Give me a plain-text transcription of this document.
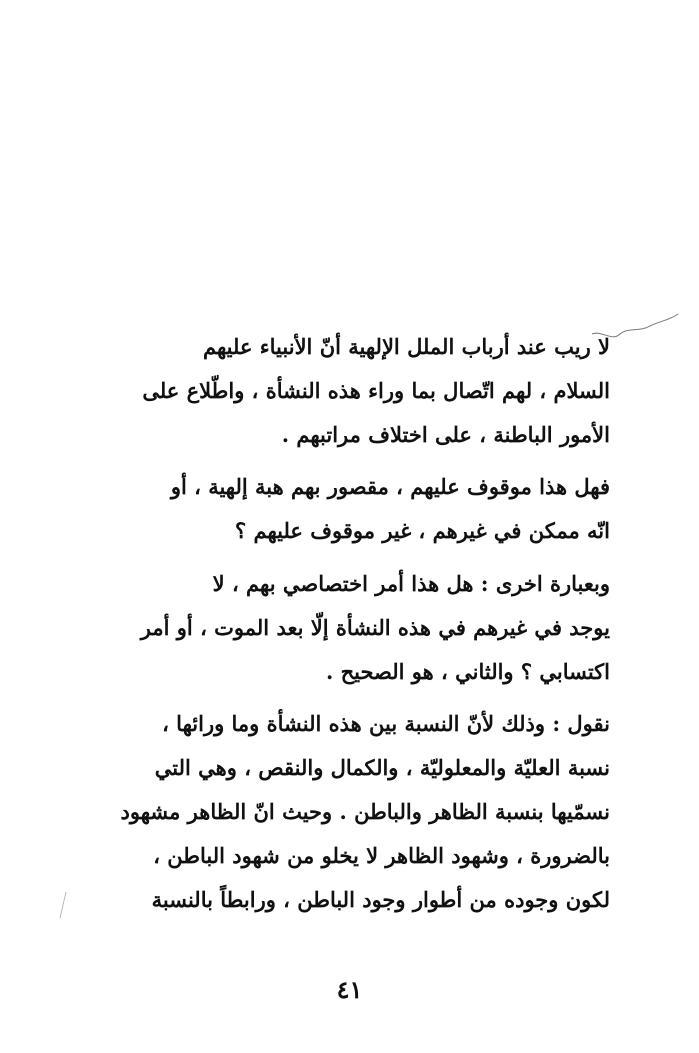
لا ريب عند أرباب الملل الإلهية أنّ الأنبياء عليهم
السلام ، لهم اتّصال بما وراء هذه النشأة ، واطّلاع على
الأمور الباطنة ، على اختلاف مراتبهم .
فهل هذا موقوف عليهم ، مقصور بهم هبة إلهية ، أو
انّه ممكن في غيرهم ، غير موقوف عليهم ؟
وبعبارة اخرى : هل هذا أمر اختصاصي بهم ، لا
يوجد في غيرهم في هذه النشأة إلّا بعد الموت ، أو أمر
اكتسابي ؟ والثاني ، هو الصحيح .
نقول : وذلك لأنّ النسبة بين هذه النشأة وما ورائها ،
نسبة العليّة والمعلوليّة ، والكمال والنقص ، وهي التي
نسمّيها بنسبة الظاهر والباطن . وحيث انّ الظاهر مشهود
بالضرورة ، وشهود الظاهر لا يخلو من شهود الباطن ،
لكون وجوده من أطوار وجود الباطن ، ورابطاً بالنسبة
٤١
